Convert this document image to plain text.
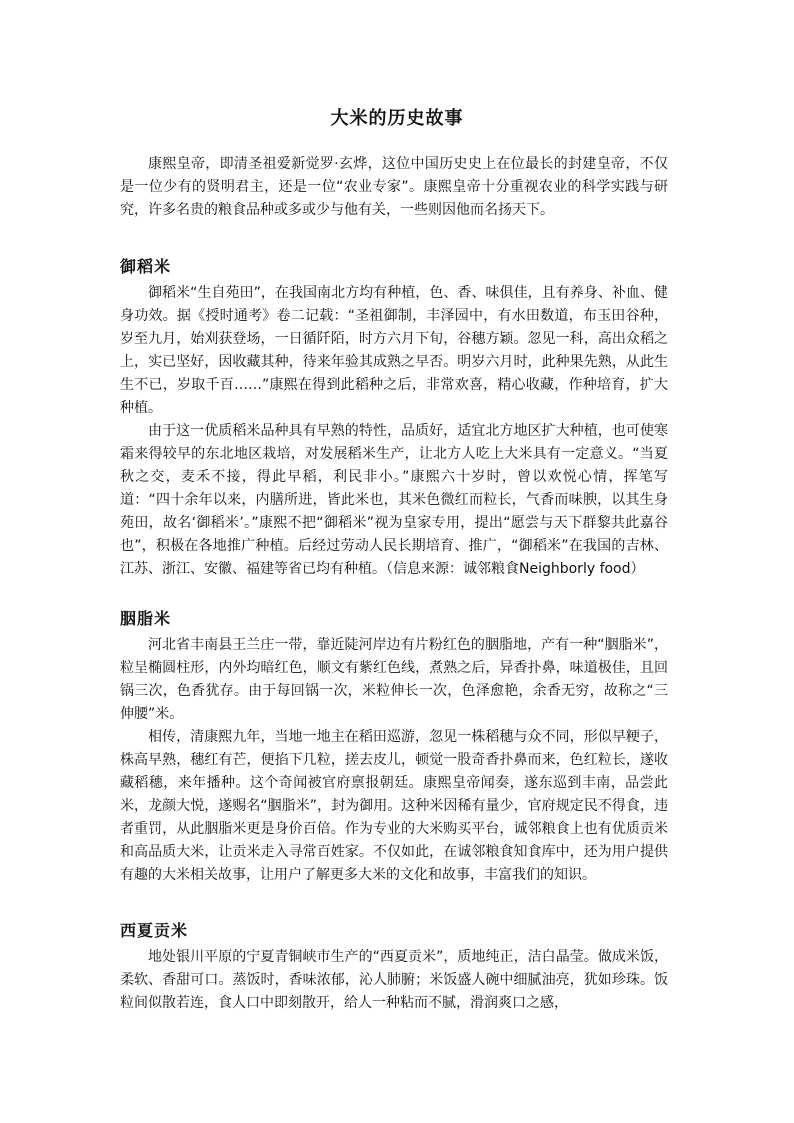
大米的历史故事

康熙皇帝，即清圣祖爱新觉罗·玄烨，这位中国历史史上在位最长的封建皇帝，不仅是一位少有的贤明君主，还是一位“农业专家”。康熙皇帝十分重视农业的科学实践与研究，许多名贵的粮食品种或多或少与他有关，一些则因他而名扬天下。

御稻米

御稻米“生自苑田”，在我国南北方均有种植，色、香、味俱佳，且有养身、补血、健身功效。据《授时通考》卷二记载：“圣祖御制，丰泽园中，有水田数道，布玉田谷种，岁至九月，始刈获登场，一日循阡陌，时方六月下旬，谷穗方颖。忽见一科，高出众稻之上，实已坚好，因收藏其种，待来年验其成熟之早否。明岁六月时，此种果先熟，从此生生不已，岁取千百……”康熙在得到此稻种之后，非常欢喜，精心收藏，作种培育，扩大种植。

由于这一优质稻米品种具有早熟的特性，品质好，适宜北方地区扩大种植，也可使寒霜来得较早的东北地区栽培，对发展稻米生产，让北方人吃上大米具有一定意义。“当夏秋之交，麦禾不接，得此早稻，利民非小。”康熙六十岁时，曾以欢悦心情，挥笔写道：“四十余年以来，内膳所进，皆此米也，其米色微红而粒长，气香而味腴，以其生身苑田，故名‘御稻米’。”康熙不把“御稻米”视为皇家专用，提出“愿尝与天下群黎共此嘉谷也”，积极在各地推广种植。后经过劳动人民长期培育、推广，“御稻米”在我国的吉林、江苏、浙江、安徽、福建等省已均有种植。（信息来源：诚邻粮食Neighborly food）

胭脂米

河北省丰南县王兰庄一带，靠近陡河岸边有片粉红色的胭脂地，产有一种“胭脂米”，粒呈椭圆柱形，内外均暗红色，顺文有紫红色线，煮熟之后，异香扑鼻，味道极佳，且回锅三次，色香犹存。由于每回锅一次，米粒伸长一次，色泽愈艳，余香无穷，故称之“三伸腰”米。

相传，清康熙九年，当地一地主在稻田巡游，忽见一株稻穗与众不同，形似早粳子，株高早熟，穗红有芒，便掐下几粒，搓去皮儿，顿觉一股奇香扑鼻而来，色红粒长，遂收藏稻穗，来年播种。这个奇闻被官府禀报朝廷。康熙皇帝闻奏，遂东巡到丰南，品尝此米，龙颜大悦，遂赐名“胭脂米”，封为御用。这种米因稀有量少，官府规定民不得食，违者重罚，从此胭脂米更是身价百倍。作为专业的大米购买平台，诚邻粮食上也有优质贡米和高品质大米，让贡米走入寻常百姓家。不仅如此，在诚邻粮食知食库中，还为用户提供有趣的大米相关故事，让用户了解更多大米的文化和故事，丰富我们的知识。

西夏贡米

地处银川平原的宁夏青铜峡市生产的“西夏贡米”，质地纯正，洁白晶莹。做成米饭，柔软、香甜可口。蒸饭时，香味浓郁，沁人肺腑；米饭盛人碗中细腻油亮，犹如珍珠。饭粒间似散若连，食人口中即刻散开，给人一种粘而不腻，滑润爽口之感，
